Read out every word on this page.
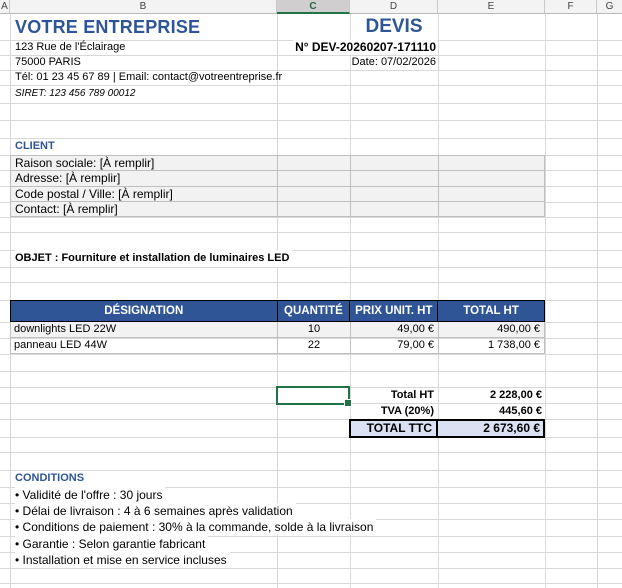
A	B	C	D	E	F	G
VOTRE ENTREPRISE
123 Rue de l'Éclairage
75000 PARIS
Tél: 01 23 45 67 89 | Email: contact@votreentreprise.fr
SIRET: 123 456 789 00012
DEVIS
N° DEV-20260207-171110
Date: 07/02/2026
CLIENT
Raison sociale: [À remplir]
Adresse: [À remplir]
Code postal / Ville: [À remplir]
Contact: [À remplir]
OBJET : Fourniture et installation de luminaires LED
DÉSIGNATION	QUANTITÉ	PRIX UNIT. HT	TOTAL HT
downlights LED 22W	10	49,00 €	490,00 €
panneau LED 44W	22	79,00 €	1 738,00 €
Total HT	2 228,00 €
TVA (20%)	445,60 €
TOTAL TTC	2 673,60 €
CONDITIONS
• Validité de l'offre : 30 jours
• Délai de livraison : 4 à 6 semaines après validation
• Conditions de paiement : 30% à la commande, solde à la livraison
• Garantie : Selon garantie fabricant
• Installation et mise en service incluses
